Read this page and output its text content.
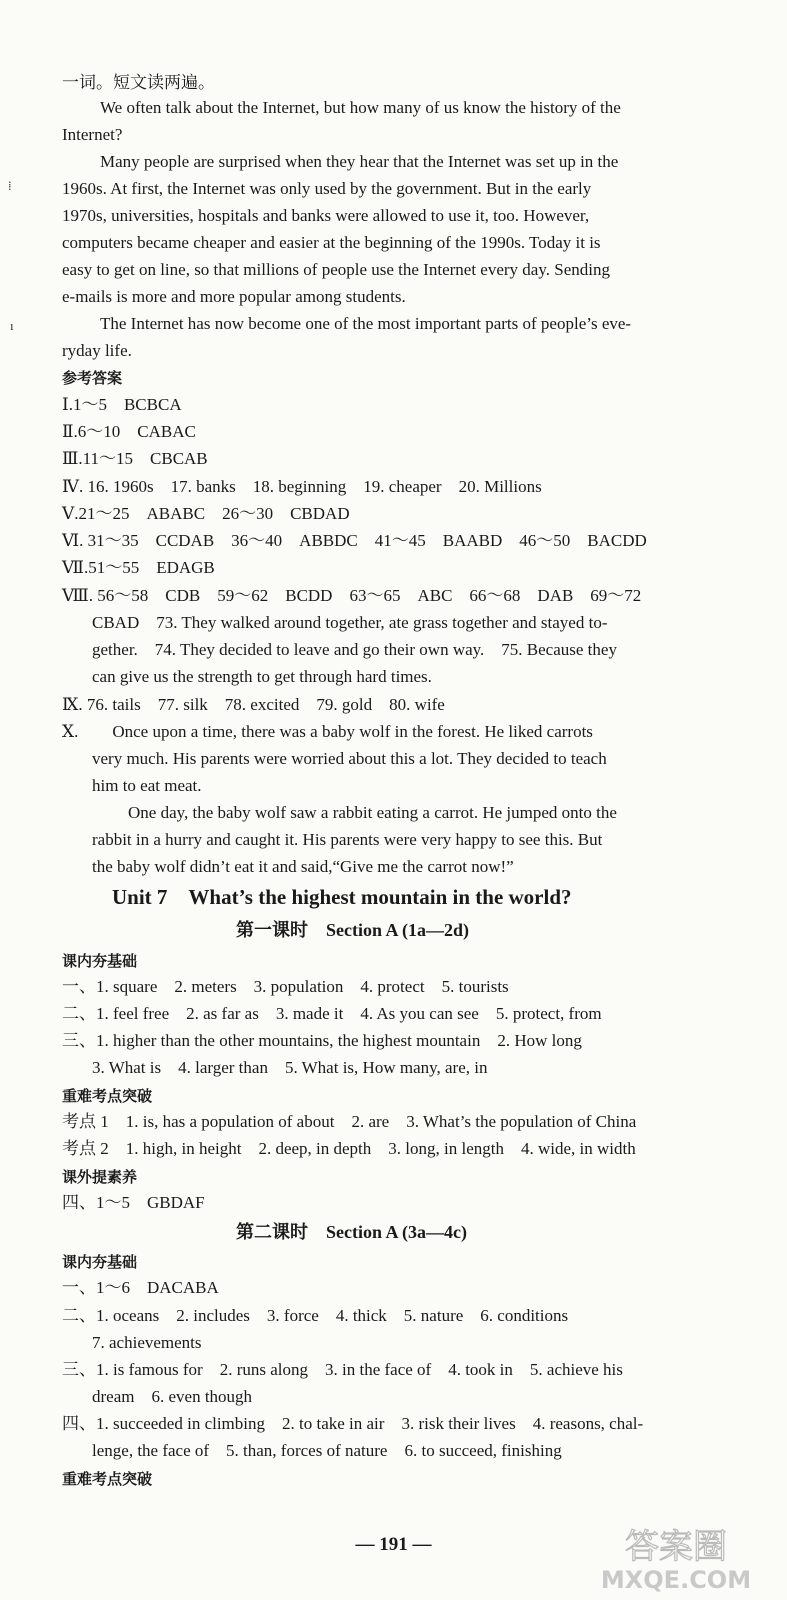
一词。短文读两遍。
We often talk about the Internet, but how many of us know the history of the
Internet?
Many people are surprised when they hear that the Internet was set up in the
1960s. At first, the Internet was only used by the government. But in the early
1970s, universities, hospitals and banks were allowed to use it, too. However,
computers became cheaper and easier at the beginning of the 1990s. Today it is
easy to get on line, so that millions of people use the Internet every day. Sending
e-mails is more and more popular among students.
The Internet has now become one of the most important parts of people’s eve-
ryday life.
参考答案
Ⅰ.1～5　BCBCA
Ⅱ.6～10　CABAC
Ⅲ.11～15　CBCAB
Ⅳ. 16. 1960s　17. banks　18. beginning　19. cheaper　20. Millions
Ⅴ.21～25　ABABC　26～30　CBDAD
Ⅵ. 31～35　CCDAB　36～40　ABBDC　41～45　BAABD　46～50　BACDD
Ⅶ.51～55　EDAGB
Ⅷ. 56～58　CDB　59～62　BCDD　63～65　ABC　66～68　DAB　69～72
CBAD　73. They walked around together, ate grass together and stayed to-
gether.　74. They decided to leave and go their own way.　75. Because they
can give us the strength to get through hard times.
Ⅸ. 76. tails　77. silk　78. excited　79. gold　80. wife
Ⅹ.　　Once upon a time, there was a baby wolf in the forest. He liked carrots
very much. His parents were worried about this a lot. They decided to teach
him to eat meat.
One day, the baby wolf saw a rabbit eating a carrot. He jumped onto the
rabbit in a hurry and caught it. His parents were very happy to see this. But
the baby wolf didn’t eat it and said,“Give me the carrot now!”
Unit 7　What’s the highest mountain in the world?
第一课时　Section A (1a—2d)
课内夯基础
一、1. square　2. meters　3. population　4. protect　5. tourists
二、1. feel free　2. as far as　3. made it　4. As you can see　5. protect, from
三、1. higher than the other mountains, the highest mountain　2. How long
3. What is　4. larger than　5. What is, How many, are, in
重难考点突破
考点 1　1. is, has a population of about　2. are　3. What’s the population of China
考点 2　1. high, in height　2. deep, in depth　3. long, in length　4. wide, in width
课外提素养
四、1～5　GBDAF
第二课时　Section A (3a—4c)
课内夯基础
一、1～6　DACABA
二、1. oceans　2. includes　3. force　4. thick　5. nature　6. conditions
7. achievements
三、1. is famous for　2. runs along　3. in the face of　4. took in　5. achieve his
dream　6. even though
四、1. succeeded in climbing　2. to take in air　3. risk their lives　4. reasons, chal-
lenge, the face of　5. than, forces of nature　6. to succeed, finishing
重难考点突破
⁞
ı
— 191 —	答案圈
MXQE.COM
